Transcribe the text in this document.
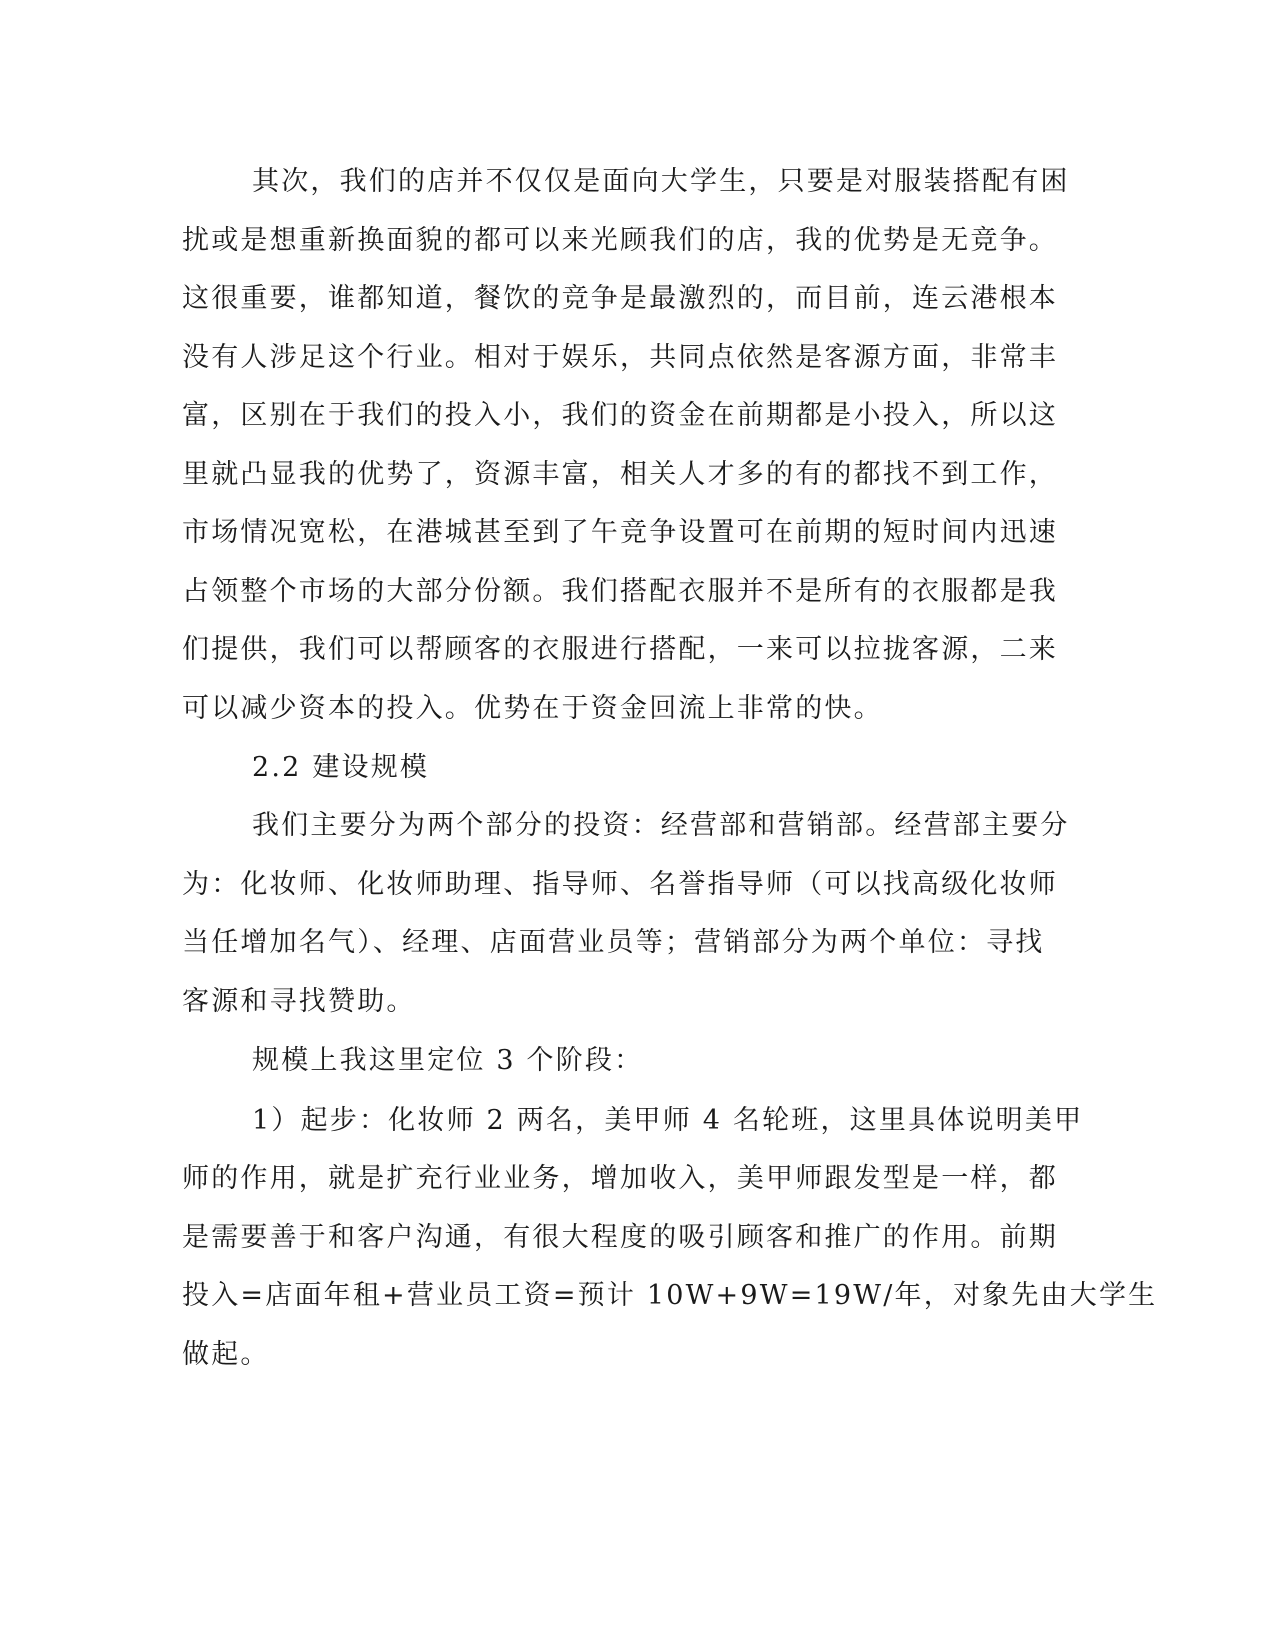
其次，我们的店并不仅仅是面向大学生，只要是对服装搭配有困
扰或是想重新换面貌的都可以来光顾我们的店，我的优势是无竞争。
这很重要，谁都知道，餐饮的竞争是最激烈的，而目前，连云港根本
没有人涉足这个行业。相对于娱乐，共同点依然是客源方面，非常丰
富，区别在于我们的投入小，我们的资金在前期都是小投入，所以这
里就凸显我的优势了，资源丰富，相关人才多的有的都找不到工作，
市场情况宽松，在港城甚至到了午竞争设置可在前期的短时间内迅速
占领整个市场的大部分份额。我们搭配衣服并不是所有的衣服都是我
们提供，我们可以帮顾客的衣服进行搭配，一来可以拉拢客源，二来
可以减少资本的投入。优势在于资金回流上非常的快。
2.2 建设规模
我们主要分为两个部分的投资：经营部和营销部。经营部主要分
为：化妆师、化妆师助理、指导师、名誉指导师（可以找高级化妆师
当任增加名气）、经理、店面营业员等；营销部分为两个单位：寻找
客源和寻找赞助。
规模上我这里定位 3 个阶段：
1）起步：化妆师 2 两名，美甲师 4 名轮班，这里具体说明美甲
师的作用，就是扩充行业业务，增加收入，美甲师跟发型是一样，都
是需要善于和客户沟通，有很大程度的吸引顾客和推广的作用。前期
投入=店面年租+营业员工资=预计 10W+9W=19W/年，对象先由大学生
做起。
